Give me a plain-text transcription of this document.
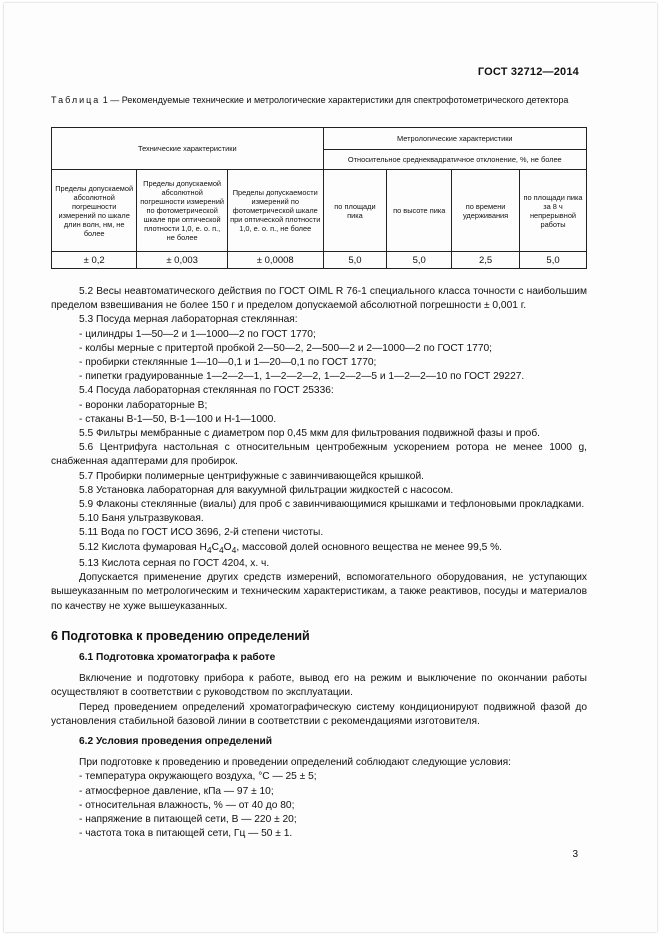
ГОСТ 32712—2014
Таблица 1 — Рекомендуемые технические и метрологические характеристики для спектрофотометрического детектора
Технические характеристики			Метрологические характеристики			
			Относительное среднеквадратичное отклонение, %, не более			
Пределы допускаемой абсолютной погрешности измерений по шкале длин волн, нм, не более	Пределы допускаемой абсолютной погрешности измерений по фотометрической шкале при оптической плотности 1,0, е. о. п., не более	Пределы допускаемости измерений по фотометрической шкале при оптической плотности 1,0, е. о. п., не более	по площади пика	по высоте пика	по времени удерживания	по площади пика за 8 ч непрерывной работы
± 0,2	± 0,003	± 0,0008	5,0	5,0	2,5	5,0

5.2 Весы неавтоматического действия по ГОСТ OIML R 76-1 специального класса точности с наибольшим пределом взвешивания не более 150 г и пределом допускаемой абсолютной погрешности ± 0,001 г.

5.3 Посуда мерная лабораторная стеклянная:

- цилиндры 1—50—2 и 1—1000—2 по ГОСТ 1770;

- колбы мерные с притертой пробкой 2—50—2, 2—500—2 и 2—1000—2 по ГОСТ 1770;

- пробирки стеклянные 1—10—0,1 и 1—20—0,1 по ГОСТ 1770;

- пипетки градуированные 1—2—2—1, 1—2—2—2, 1—2—2—5 и 1—2—2—10 по ГОСТ 29227.

5.4 Посуда лабораторная стеклянная по ГОСТ 25336:

- воронки лабораторные В;

- стаканы В-1—50, В-1—100 и Н-1—1000.

5.5 Фильтры мембранные с диаметром пор 0,45 мкм для фильтрования подвижной фазы и проб.

5.6 Центрифуга настольная с относительным центробежным ускорением ротора не менее 1000 g, снабженная адаптерами для пробирок.

5.7 Пробирки полимерные центрифужные с завинчивающейся крышкой.

5.8 Установка лабораторная для вакуумной фильтрации жидкостей с насосом.

5.9 Флаконы стеклянные (виалы) для проб с завинчивающимися крышками и тефлоновыми прокладками.

5.10 Баня ультразвуковая.

5.11 Вода по ГОСТ ИСО 3696, 2-й степени чистоты.

5.12 Кислота фумаровая $H_4C_4O_4$, массовой долей основного вещества не менее 99,5 %.

5.13 Кислота серная по ГОСТ 4204, х. ч.

Допускается применение других средств измерений, вспомогательного оборудования, не уступающих вышеуказанным по метрологическим и техническим характеристикам, а также реактивов, посуды и материалов по качеству не хуже вышеуказанных.

6 Подготовка к проведению определений
6.1 Подготовка хроматографа к работе

Включение и подготовку прибора к работе, вывод его на режим и выключение по окончании работы осуществляют в соответствии с руководством по эксплуатации.

Перед проведением определений хроматографическую систему кондиционируют подвижной фазой до установления стабильной базовой линии в соответствии с рекомендациями изготовителя.

6.2 Условия проведения определений

При подготовке к проведению и проведении определений соблюдают следующие условия:

- температура окружающего воздуха, °С — 25 ± 5;

- атмосферное давление, кПа — 97 ± 10;

- относительная влажность, % — от 40 до 80;

- напряжение в питающей сети, В — 220 ± 20;

- частота тока в питающей сети, Гц — 50 ± 1.

3
